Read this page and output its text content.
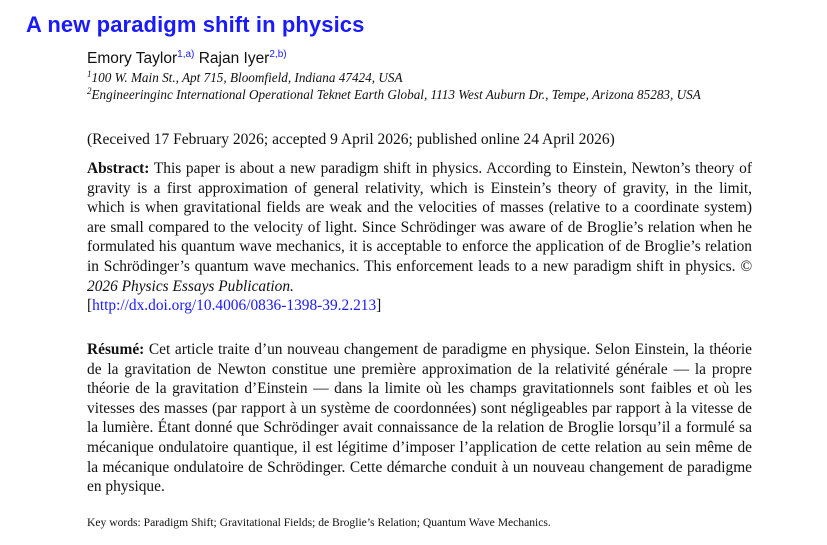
A new paradigm shift in physics
Emory Taylor$^{1,a)}$ Rajan Iyer$^{2,b)}$
$^1$100 W. Main St., Apt 715, Bloomfield, Indiana 47424, USA
$^2$Engineeringinc International Operational Teknet Earth Global, 1113 West Auburn Dr., Tempe, Arizona 85283, USA
(Received 17 February 2026; accepted 9 April 2026; published online 24 April 2026)

Abstract: This paper is about a new paradigm shift in physics. According to Einstein, Newton’s theory of gravity is a first approximation of general relativity, which is Einstein’s theory of gravity, in the limit, which is when gravitational fields are weak and the velocities of masses (relative to a coordinate system) are small compared to the velocity of light. Since Schrödinger was aware of de Broglie’s relation when he formulated his quantum wave mechanics, it is acceptable to enforce the application of de Broglie’s relation in Schrödinger’s quantum wave mechanics. This enforcement leads to a new paradigm shift in physics. © 2026 Physics Essays Publication.
[http://dx.doi.org/10.4006/0836-1398-39.2.213]

Résumé: Cet article traite d’un nouveau changement de paradigme en physique. Selon Einstein, la théorie de la gravitation de Newton constitue une première approximation de la relativité générale — la propre théorie de la gravitation d’Einstein — dans la limite où les champs gravitationnels sont faibles et où les vitesses des masses (par rapport à un système de coordonnées) sont négligeables par rapport à la vitesse de la lumière. Étant donné que Schrödinger avait connaissance de la relation de Broglie lorsqu’il a formulé sa mécanique ondulatoire quantique, il est légitime d’imposer l’application de cette relation au sein même de la mécanique ondulatoire de Schrödinger. Cette démarche conduit à un nouveau changement de paradigme en physique.

Key words: Paradigm Shift; Gravitational Fields; de Broglie’s Relation; Quantum Wave Mechanics.
